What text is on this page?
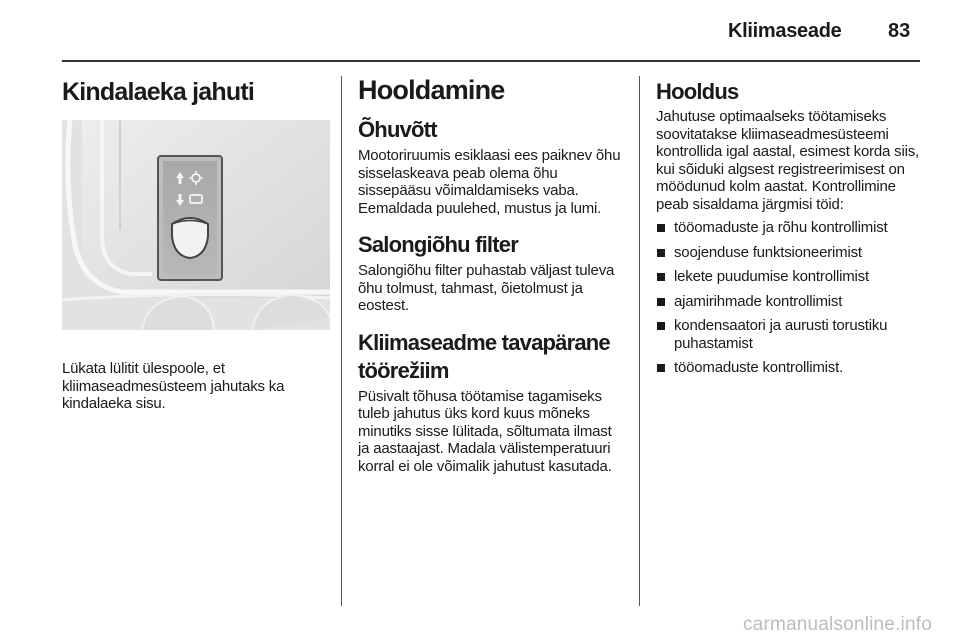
Kliimaseade 83
Kindalaeka jahuti

Lükata lülitit ülespoole, et kliimaseadmesüsteem jahutaks ka kindalaeka sisu.

Hooldamine
Õhuvõtt

Mootoriruumis esiklaasi ees paiknev õhu sisselaskeava peab olema õhu sissepääsu võimaldamiseks vaba. Eemaldada puulehed, mustus ja lumi.

Salongiõhu filter

Salongiõhu filter puhastab väljast tuleva õhu tolmust, tahmast, õietolmust ja eostest.

Kliimaseadme tavapärane töörežiim

Püsivalt tõhusa töötamise tagamiseks tuleb jahutus üks kord kuus mõneks minutiks sisse lülitada, sõltumata ilmast ja aastaajast. Madala välistemperatuuri korral ei ole võimalik jahutust kasutada.

Hooldus

Jahutuse optimaalseks töötamiseks soovitatakse kliimaseadmesüsteemi kontrollida igal aastal, esimest korda siis, kui sõiduki algsest registreerimisest on möödunud kolm aastat. Kontrollimine peab sisaldama järgmisi töid:

tööomaduste ja rõhu kontrollimist
soojenduse funktsioneerimist
lekete puudumise kontrollimist
ajamirihmade kontrollimist
kondensaatori ja aurusti torustiku puhastamist
tööomaduste kontrollimist.
carmanualsonline.info
